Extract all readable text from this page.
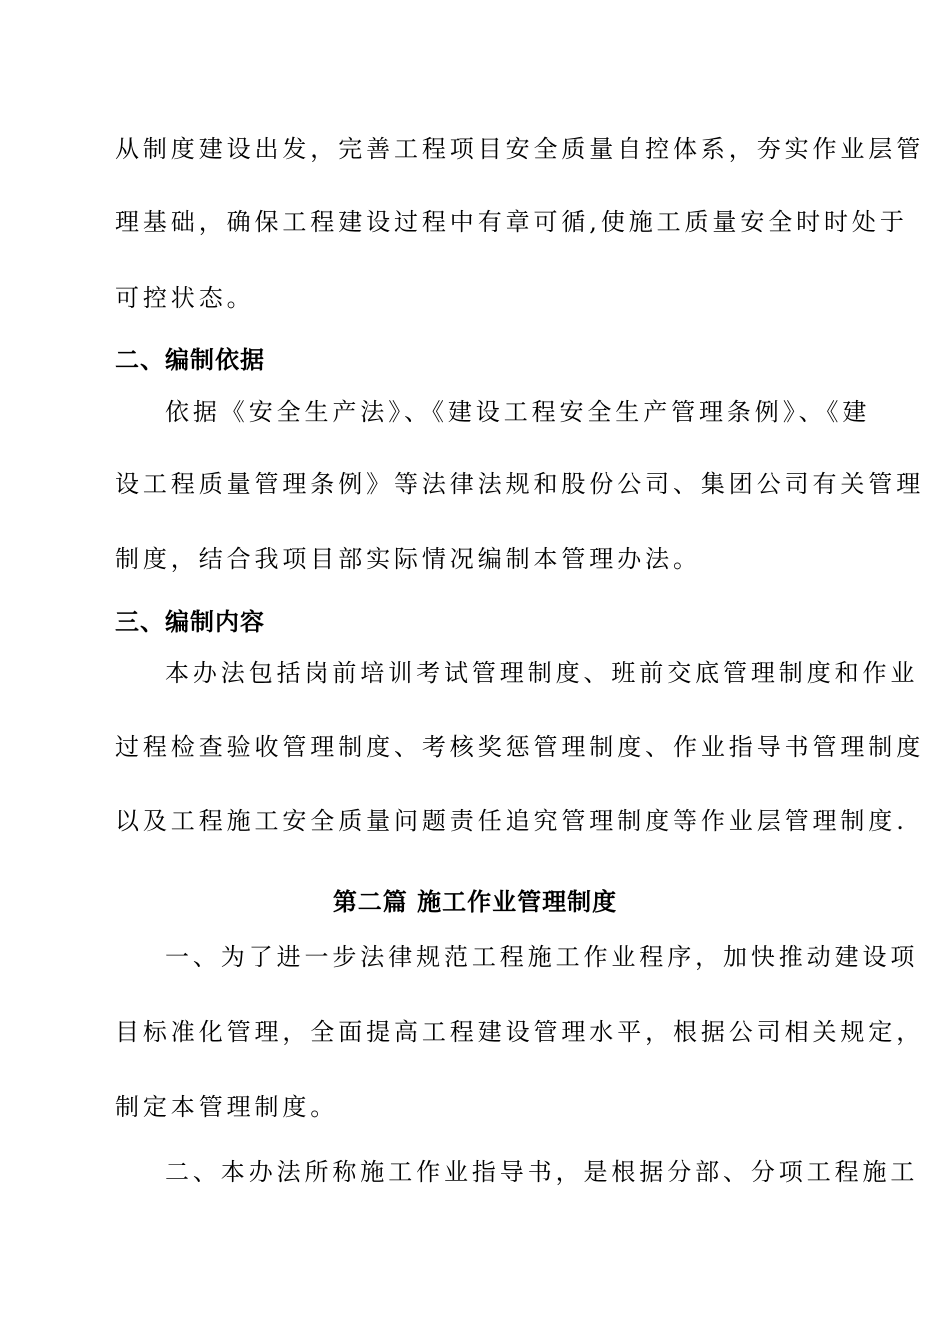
从制度建设出发，完善工程项目安全质量自控体系，夯实作业层管
理基础，确保工程建设过程中有章可循,使施工质量安全时时处于
可控状态。
二、编制依据
依据《安全生产法》、《建设工程安全生产管理条例》、《建
设工程质量管理条例》等法律法规和股份公司、集团公司有关管理
制度，结合我项目部实际情况编制本管理办法。
三、编制内容
本办法包括岗前培训考试管理制度、班前交底管理制度和作业
过程检查验收管理制度、考核奖惩管理制度、作业指导书管理制度
以及工程施工安全质量问题责任追究管理制度等作业层管理制度.
第二篇 施工作业管理制度
一、为了进一步法律规范工程施工作业程序，加快推动建设项
目标准化管理，全面提高工程建设管理水平，根据公司相关规定，
制定本管理制度。
二、本办法所称施工作业指导书，是根据分部、分项工程施工
